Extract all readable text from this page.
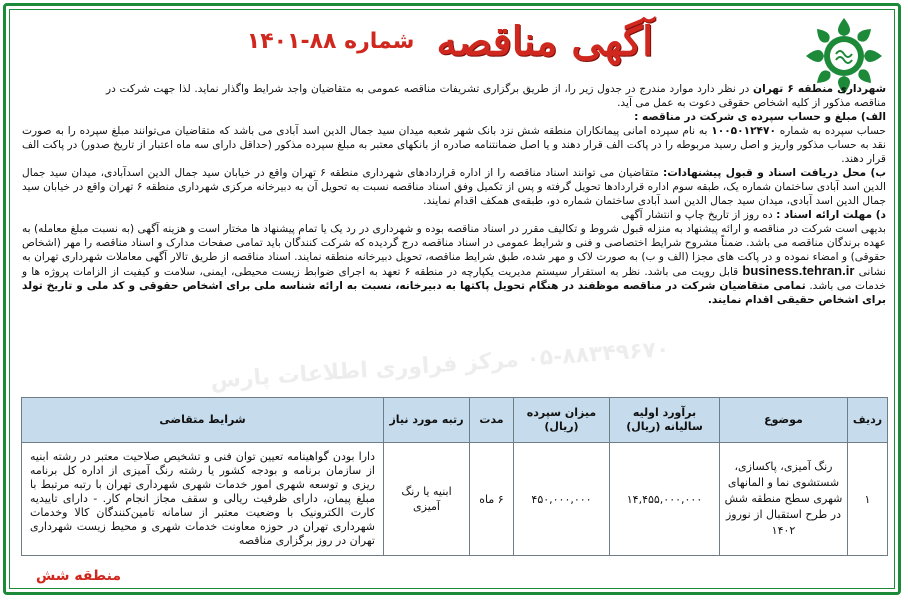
آگهی مناقصه
شماره ۸۸-۱۴۰۱
۰۵-۸۸۳۴۹۶۷۰ مرکز فراوری اطلاعات پارس

شهرداری منطقه ۶ تهران در نظر دارد موارد مندرج در جدول زیر را، از طریق برگزاری تشریفات مناقصه عمومی به متقاضیان واجد شرایط واگذار نماید. لذا جهت شرکت در مناقصه مذکور از کلیه اشخاص حقوقی دعوت به عمل می آید.

الف) مبلغ و حساب سپرده ی شرکت در مناقصه :

حساب سپرده به شماره ۱۰۰۵۰۱۲۴۷۰ به نام سپرده امانی پیمانکاران منطقه شش نزد بانک شهر شعبه میدان سید جمال الدین اسد آبادی می باشد که متقاضیان می‌توانند مبلغ سپرده را به صورت نقد به حساب مذکور واریز و اصل رسید مربوطه را در پاکت الف قرار دهند و یا اصل ضمانتنامه صادره از بانکهای معتبر به مبلغ سپرده مذکور (حداقل دارای سه ماه اعتبار از تاریخ صدور) در پاکت الف قرار دهند.

ب) محل دریافت اسناد و قبول پیشنهادات: متقاضیان می توانند اسناد مناقصه را از اداره قراردادهای شهرداری منطقه ۶ تهران واقع در خیابان سید جمال الدین اسدآبادی، میدان سید جمال الدین اسد آبادی ساختمان شماره یک، طبقه سوم اداره قراردادها تحویل گرفته و پس از تکمیل وفق اسناد مناقصه نسبت به تحویل آن به دبیرخانه مرکزی شهرداری منطقه ۶ تهران واقع در خیابان سید جمال الدین اسد آبادی، میدان سید جمال الدین اسد آبادی ساختمان شماره دو، طبقه‌ی همکف اقدام نمایند.

د) مهلت ارائه اسناد : ده روز از تاریخ چاپ و انتشار آگهی

بدیهی است شرکت در مناقصه و ارائه پیشنهاد به منزله قبول شروط و تکالیف مقرر در اسناد مناقصه بوده و شهرداری در رد یک یا تمام پیشنهاد ها مختار است و هزینه آگهی (به نسبت مبلغ معامله) به عهده برندگان مناقصه می باشد. ضمناً مشروح شرایط اختصاصی و فنی و شرایط عمومی در اسناد مناقصه درج گردیده که شرکت کنندگان باید تمامی صفحات مدارک و اسناد مناقصه را مهر (اشخاص حقوقی) و امضاء نموده و در پاکت های مجزا (الف و ب) به صورت لاک و مهر شده، طبق شرایط مناقصه، تحویل دبیرخانه منطقه نمایند. اسناد مناقصه از طریق تالار آگهی معاملات شهرداری تهران به نشانی business.tehran.ir قابل رویت می باشد. نظر به استقرار سیستم مدیریت یکپارچه در منطقه ۶ تعهد به اجرای ضوابط زیست محیطی، ایمنی، سلامت و کیفیت از الزامات پروژه ها و خدمات می باشد. تمامی متقاضیان شرکت در مناقصه موظفند در هنگام تحویل پاکتها به دبیرخانه، نسبت به ارائه شناسه ملی برای اشخاص حقوقی و کد ملی و تاریخ تولد برای اشخاص حقیقی اقدام نمایند.

ردیف	موضوع	برآورد اولیه سالیانه (ریال)	میزان سپرده (ریال)	مدت	رتبه مورد نیاز	شرایط متقاضی
۱	رنگ آمیزی، پاکسازی، شستشوی نما و المانهای شهری سطح منطقه شش در طرح استقبال از نوروز ۱۴۰۲	۱۴,۴۵۵,۰۰۰,۰۰۰	۴۵۰,۰۰۰,۰۰۰	۶ ماه	ابنیه یا رنگ آمیزی	دارا بودن گواهینامه تعیین توان فنی و تشخیص صلاحیت معتبر در رشته ابنیه از سازمان برنامه و بودجه کشور یا رشته رنگ آمیزی از اداره کل برنامه ریزی و توسعه شهری امور خدمات شهری شهرداری تهران با رتبه مرتبط با مبلغ پیمان، دارای ظرفیت ریالی و سقف مجاز انجام کار. - دارای تاییدیه کارت الکترونیک با وضعیت معتبر از سامانه تامین‌کنندگان کالا وخدمات شهرداری تهران در حوزه معاونت خدمات شهری و محیط زیست شهرداری تهران در روز برگزاری مناقصه
منطقه شش
